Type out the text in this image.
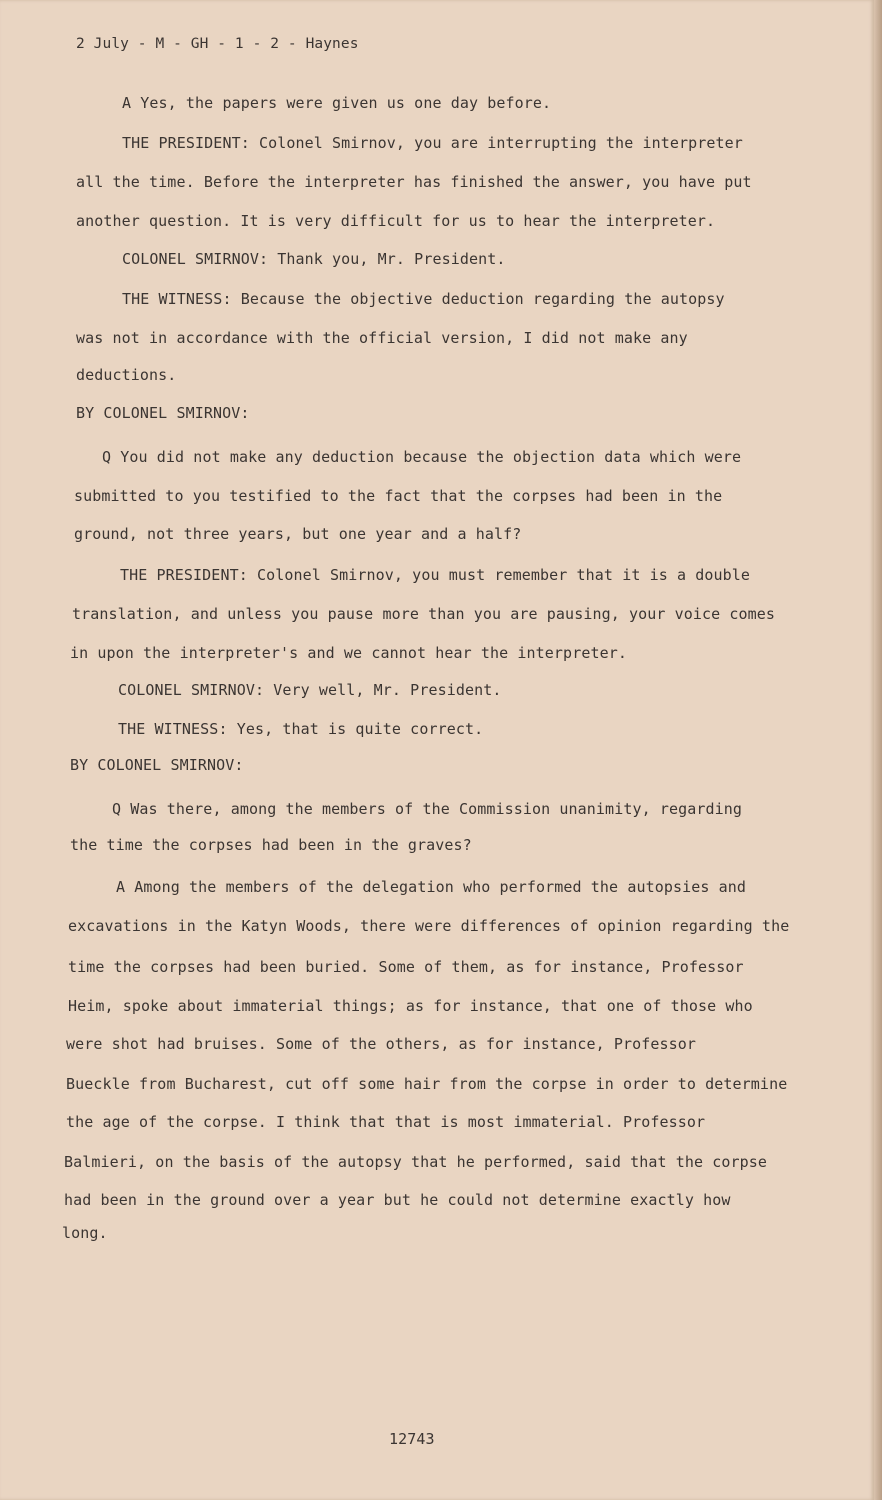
2 July - M - GH - 1 - 2 - Haynes
A Yes, the papers were given us one day before.
THE PRESIDENT: Colonel Smirnov, you are interrupting the interpreter
all the time. Before the interpreter has finished the answer, you have put
another question. It is very difficult for us to hear the interpreter.
COLONEL SMIRNOV: Thank you, Mr. President.
THE WITNESS: Because the objective deduction regarding the autopsy
was not in accordance with the official version, I did not make any
deductions.
BY COLONEL SMIRNOV:
Q You did not make any deduction because the objection data which were
submitted to you testified to the fact that the corpses had been in the
ground, not three years, but one year and a half?
THE PRESIDENT: Colonel Smirnov, you must remember that it is a double
translation, and unless you pause more than you are pausing, your voice comes
in upon the interpreter's and we cannot hear the interpreter.
COLONEL SMIRNOV: Very well, Mr. President.
THE WITNESS: Yes, that is quite correct.
BY COLONEL SMIRNOV:
Q Was there, among the members of the Commission unanimity, regarding
the time the corpses had been in the graves?
A Among the members of the delegation who performed the autopsies and
excavations in the Katyn Woods, there were differences of opinion regarding the
time the corpses had been buried. Some of them, as for instance, Professor
Heim, spoke about immaterial things; as for instance, that one of those who
were shot had bruises. Some of the others, as for instance, Professor
Bueckle from Bucharest, cut off some hair from the corpse in order to determine
the age of the corpse. I think that that is most immaterial. Professor
Balmieri, on the basis of the autopsy that he performed, said that the corpse
had been in the ground over a year but he could not determine exactly how
long.
12743
